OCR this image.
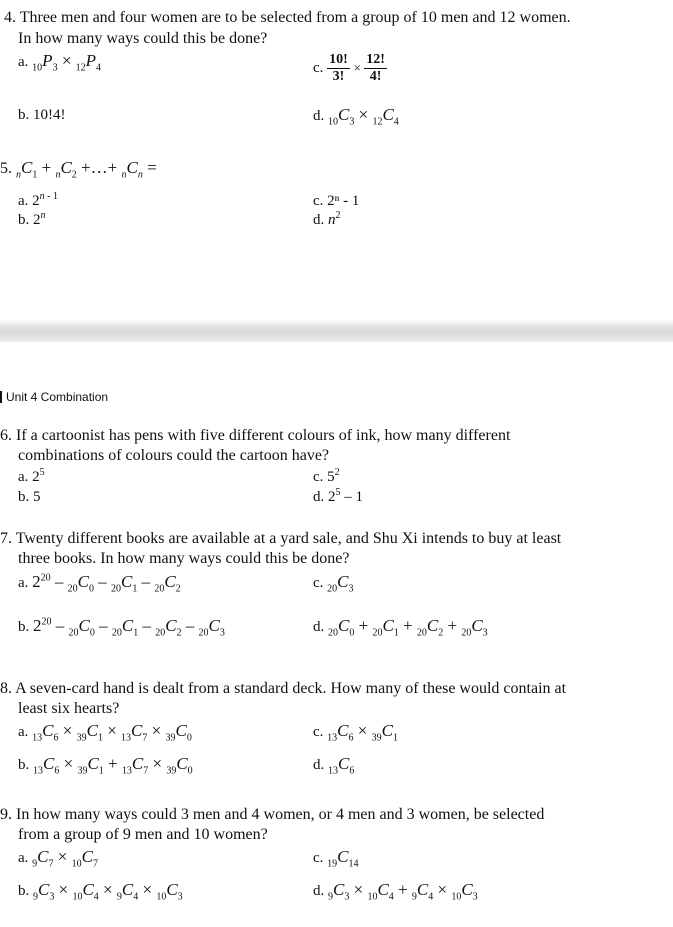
4. Three men and four women are to be selected from a group of 10 men and 12 women.
In how many ways could this be done?
a. $_{10}P_3 \times _{12}P_4$	c. $\frac{10!}{3!} \times \frac{12!}{4!}$
b. 10!4!	d. $_{10}C_3 \times _{12}C_4$
5. $_nC_1 + _nC_2$ +…+ $_nC_n$ =
a. 2$^{n - 1}$	c. 2ⁿ - 1
b. 2$^n$	d. $n^2$
Unit 4 Combination
6. If a cartoonist has pens with five different colours of ink, how many different
combinations of colours could the cartoon have?
a. $2^5$	c. $5^2$
b. 5	d. $2^5 - 1$
7. Twenty different books are available at a yard sale, and Shu Xi intends to buy at least
three books. In how many ways could this be done?
a. $2^{20} - _{20}C_0 - _{20}C_1 - _{20}C_2$	c. $_{20}C_3$
b. $2^{20} - _{20}C_0 - _{20}C_1 - _{20}C_2 - _{20}C_3$	d. $_{20}C_0 + _{20}C_1 + _{20}C_2 + _{20}C_3$
8. A seven-card hand is dealt from a standard deck. How many of these would contain at
least six hearts?
a. $_{13}C_6 \times _{39}C_1 \times _{13}C_7 \times _{39}C_0$	c. $_{13}C_6 \times _{39}C_1$
b. $_{13}C_6 \times _{39}C_1 + _{13}C_7 \times _{39}C_0$	d. $_{13}C_6$
9. In how many ways could 3 men and 4 women, or 4 men and 3 women, be selected
from a group of 9 men and 10 women?
a. $_9C_7 \times _{10}C_7$	c. $_{19}C_{14}$
b. $_9C_3 \times _{10}C_4 \times _9C_4 \times _{10}C_3$	d. $_9C_3 \times _{10}C_4 + _9C_4 \times _{10}C_3$
